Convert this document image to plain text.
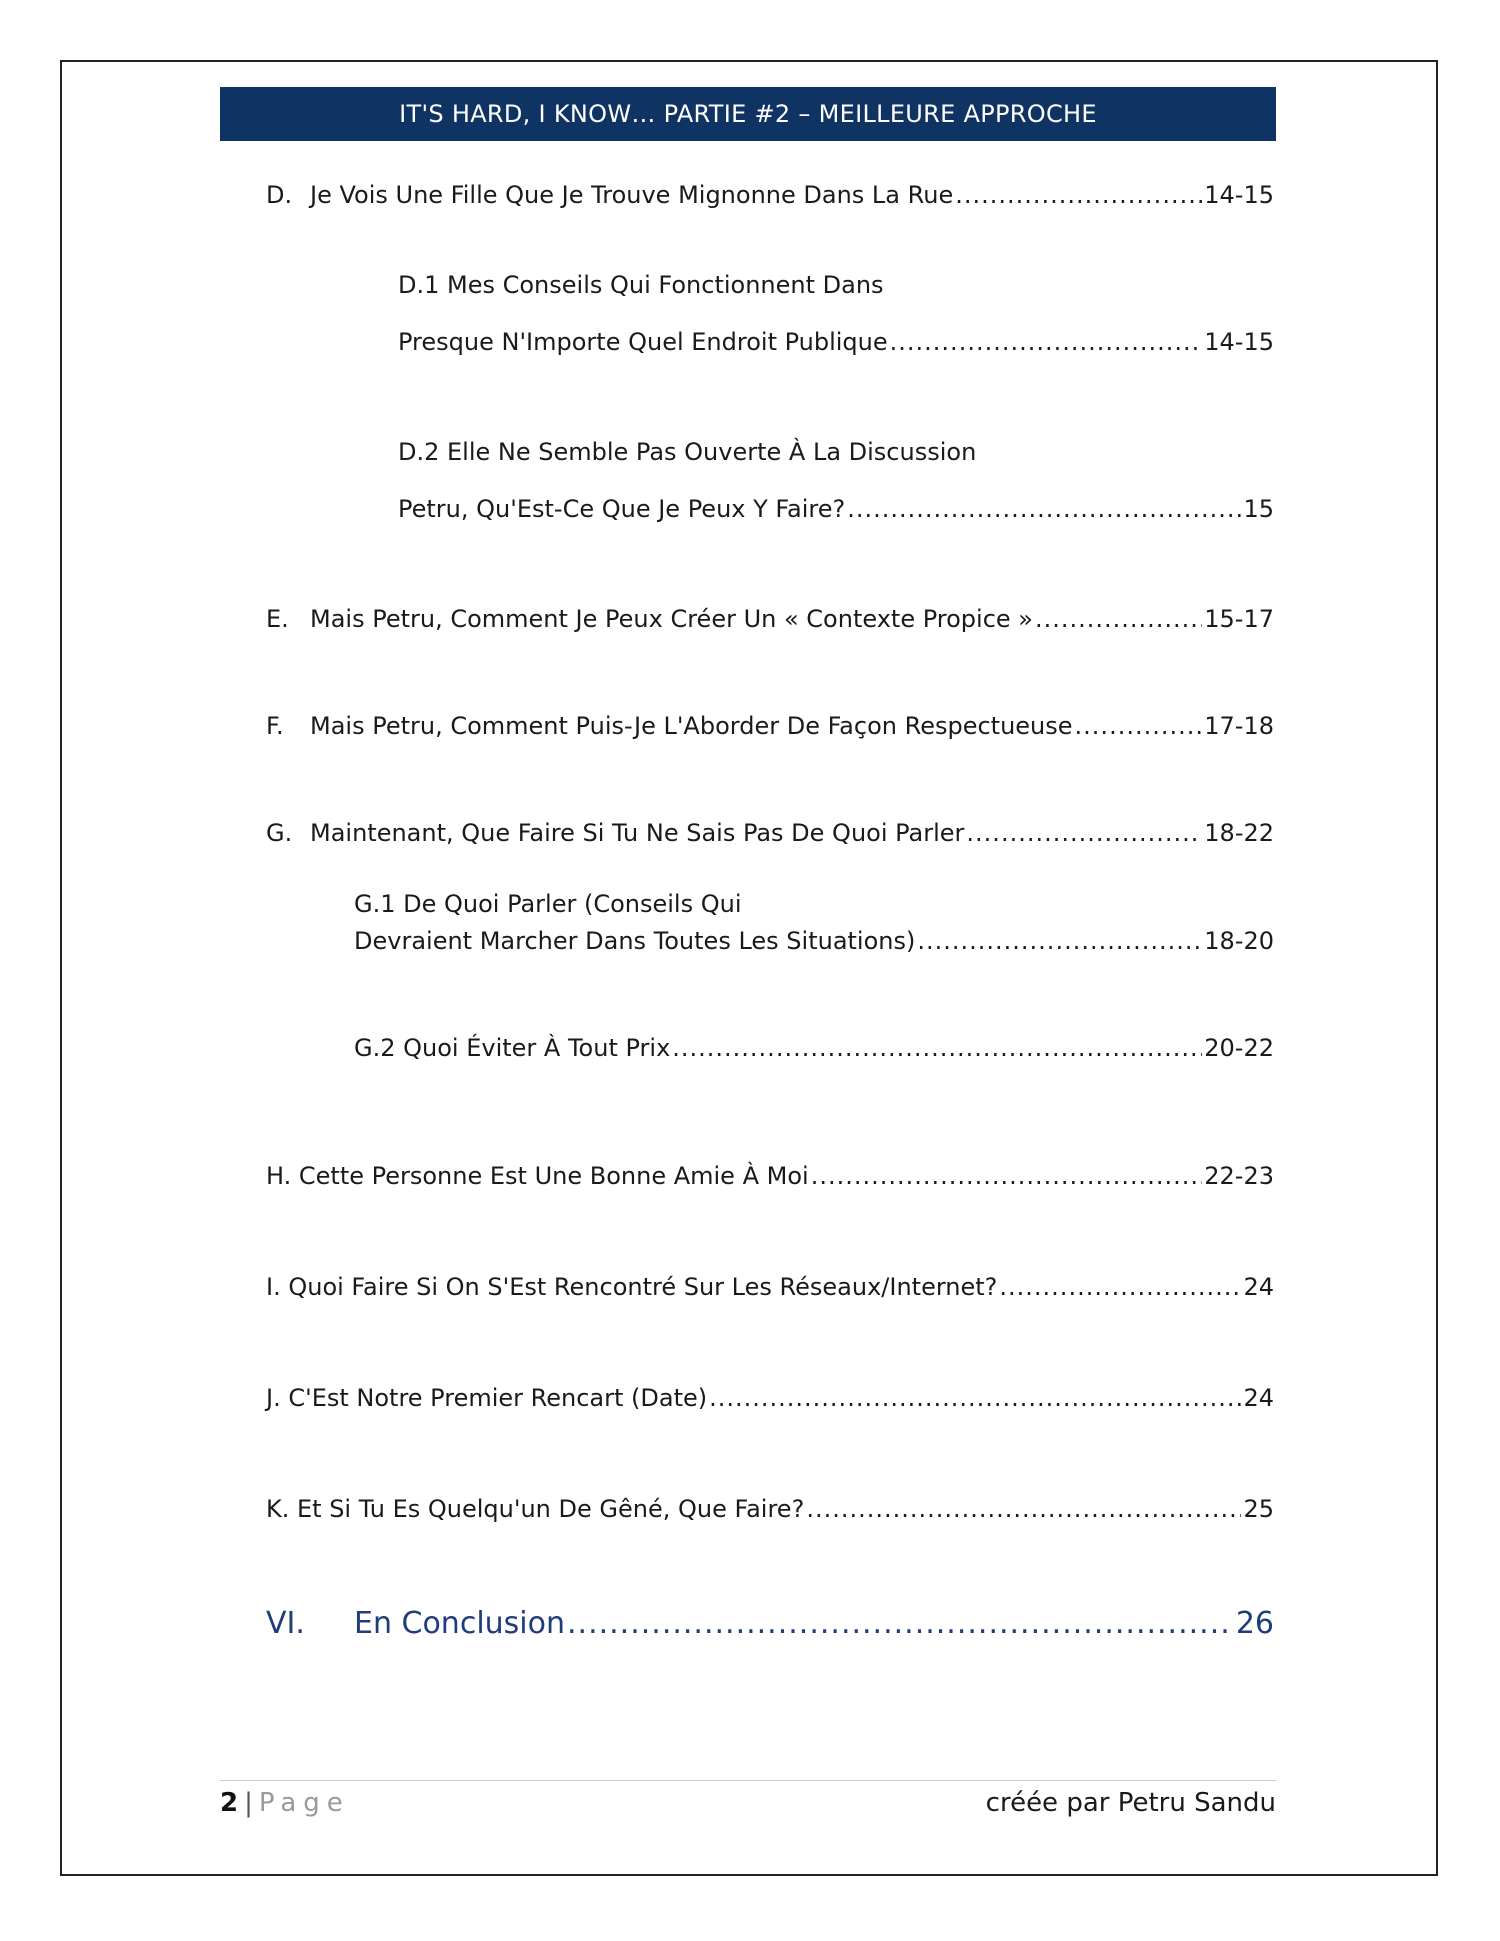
IT'S HARD, I KNOW… PARTIE #2 – MEILLEURE APPROCHE
D. Je Vois Une Fille Que Je Trouve Mignonne Dans La Rue .....	14-15
D.1 Mes Conseils Qui Fonctionnent Dans
Presque N'Importe Quel Endroit Publique .....	14-15
D.2 Elle Ne Semble Pas Ouverte À La Discussion
Petru, Qu'Est-Ce Que Je Peux Y Faire? .....	15
E. Mais Petru, Comment Je Peux Créer Un « Contexte Propice » .....	15-17
F. Mais Petru, Comment Puis-Je L'Aborder De Façon Respectueuse .....	17-18
G. Maintenant, Que Faire Si Tu Ne Sais Pas De Quoi Parler .....	18-22
G.1 De Quoi Parler (Conseils Qui
Devraient Marcher Dans Toutes Les Situations) .....	18-20
G.2 Quoi Éviter À Tout Prix .....	20-22
H. Cette Personne Est Une Bonne Amie À Moi .....	22-23
I. Quoi Faire Si On S'Est Rencontré Sur Les Réseaux/Internet? .....	24
J. C'Est Notre Premier Rencart (Date) .....	24
K. Et Si Tu Es Quelqu'un De Gêné, Que Faire? .....	25
VI. En Conclusion .....	26
2 | Page	créée par Petru Sandu
